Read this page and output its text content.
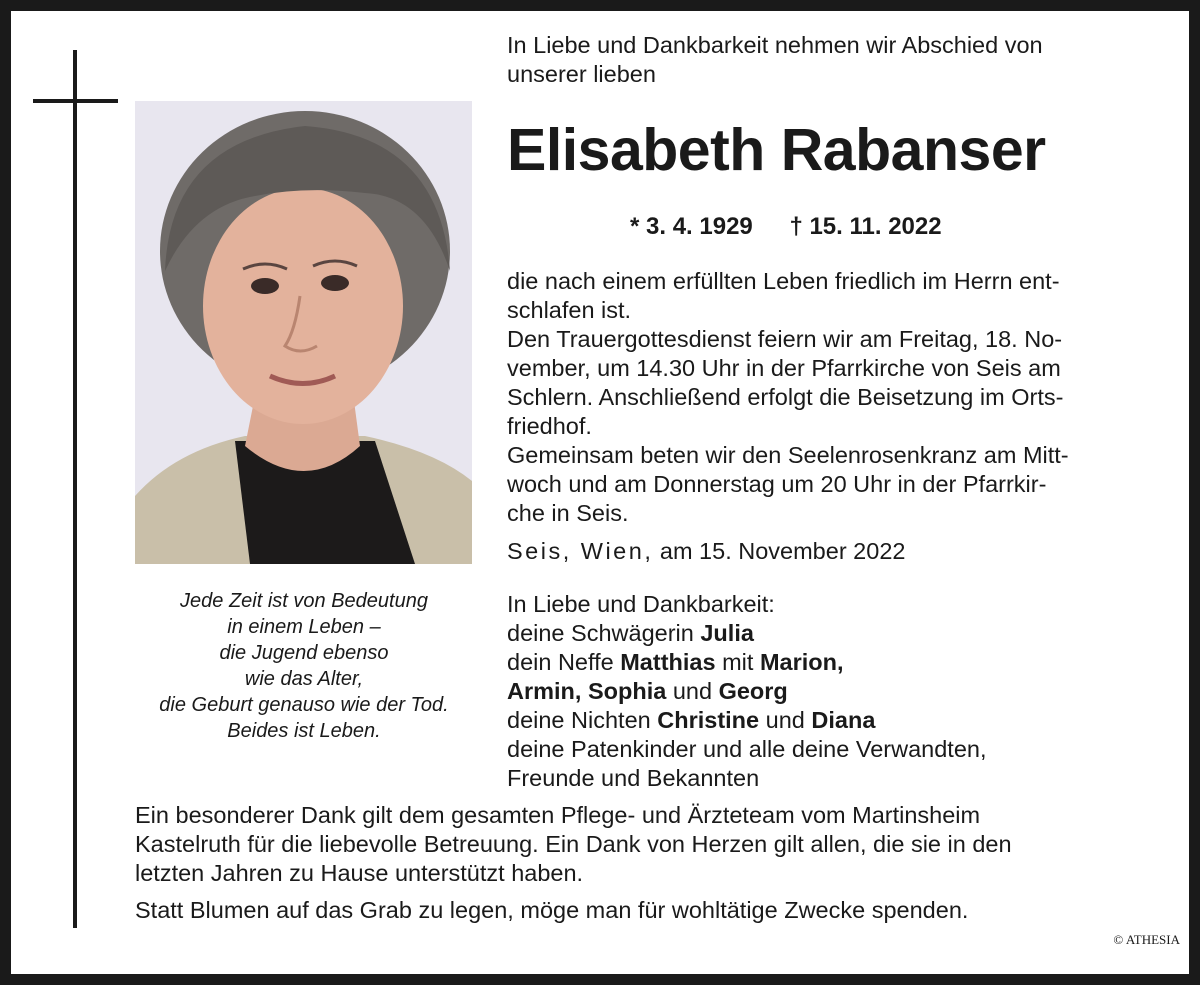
Jede Zeit ist von Bedeutung
in einem Leben –
die Jugend ebenso
wie das Alter,
die Geburt genauso wie der Tod.
Beides ist Leben.
In Liebe und Dankbarkeit nehmen wir Abschied von
unserer lieben
Elisabeth Rabanser
* 3. 4. 1929 † 15. 11. 2022
die nach einem erfüllten Leben friedlich im Herrn ent-
schlafen ist.
Den Trauergottesdienst feiern wir am Freitag, 18. No-
vember, um 14.30 Uhr in der Pfarrkirche von Seis am
Schlern. Anschließend erfolgt die Beisetzung im Orts-
friedhof.
Gemeinsam beten wir den Seelenrosenkranz am Mitt-
woch und am Donnerstag um 20 Uhr in der Pfarrkir-
che in Seis.
Seis, Wien, am 15. November 2022
In Liebe und Dankbarkeit:
deine Schwägerin Julia
dein Neffe Matthias mit Marion,
Armin, Sophia und Georg
deine Nichten Christine und Diana
deine Patenkinder und alle deine Verwandten,
Freunde und Bekannten
Ein besonderer Dank gilt dem gesamten Pflege- und Ärzteteam vom Martinsheim
Kastelruth für die liebevolle Betreuung. Ein Dank von Herzen gilt allen, die sie in den
letzten Jahren zu Hause unterstützt haben.
Statt Blumen auf das Grab zu legen, möge man für wohltätige Zwecke spenden.
© ATHESIA
